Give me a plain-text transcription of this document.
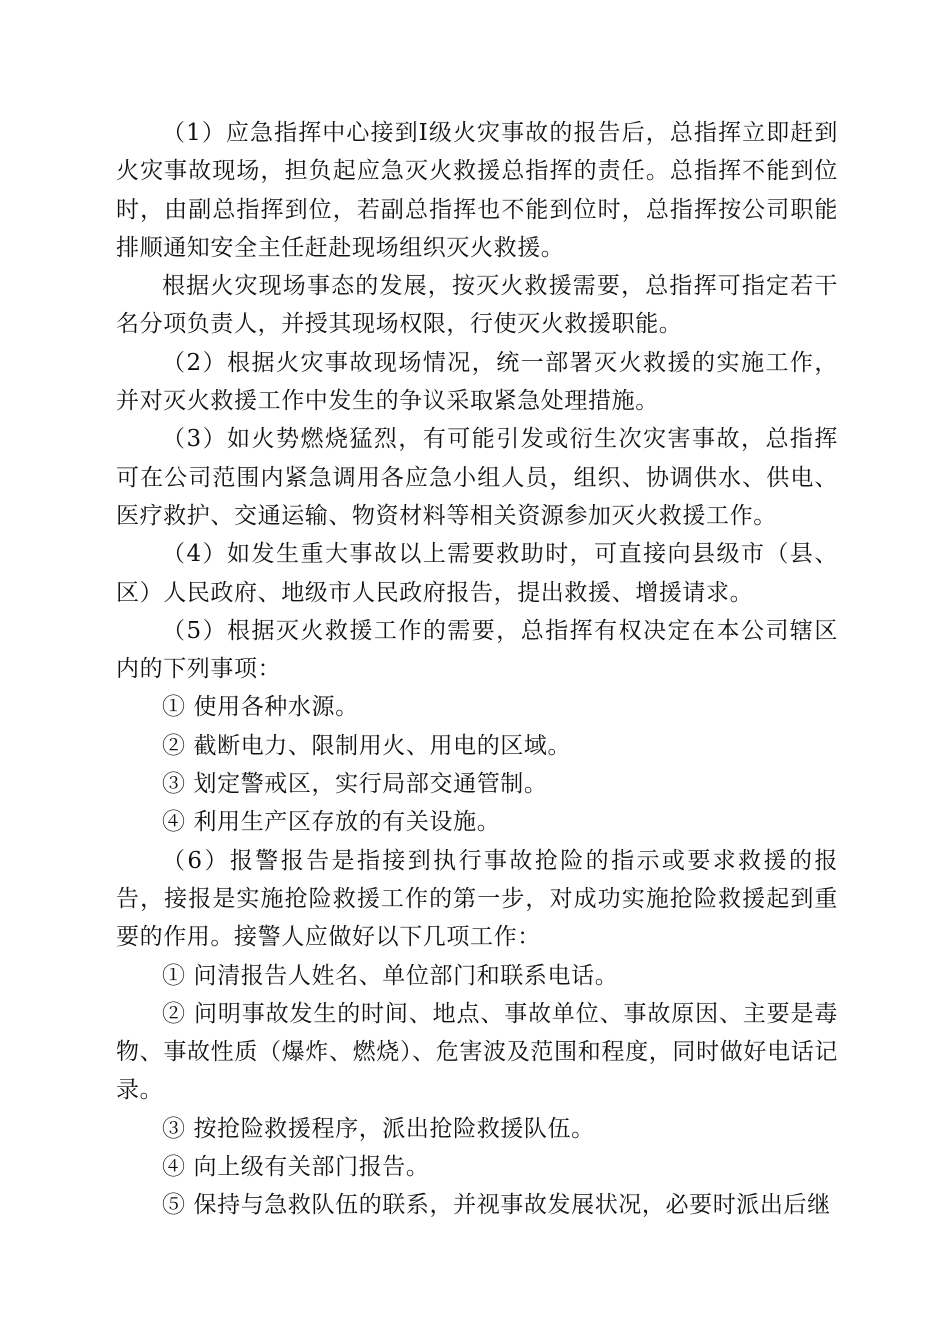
（1）应急指挥中心接到Ⅰ级火灾事故的报告后，总指挥立即赶到火灾事故现场，担负起应急灭火救援总指挥的责任。总指挥不能到位时，由副总指挥到位，若副总指挥也不能到位时，总指挥按公司职能排顺通知安全主任赶赴现场组织灭火救援。

根据火灾现场事态的发展，按灭火救援需要，总指挥可指定若干名分项负责人，并授其现场权限，行使灭火救援职能。

（2）根据火灾事故现场情况，统一部署灭火救援的实施工作，并对灭火救援工作中发生的争议采取紧急处理措施。

（3）如火势燃烧猛烈，有可能引发或衍生次灾害事故，总指挥可在公司范围内紧急调用各应急小组人员，组织、协调供水、供电、医疗救护、交通运输、物资材料等相关资源参加灭火救援工作。

（4）如发生重大事故以上需要救助时，可直接向县级市（县、区）人民政府、地级市人民政府报告，提出救援、增援请求。

（5）根据灭火救援工作的需要，总指挥有权决定在本公司辖区内的下列事项：

① 使用各种水源。

② 截断电力、限制用火、用电的区域。

③ 划定警戒区，实行局部交通管制。

④ 利用生产区存放的有关设施。

（6）报警报告是指接到执行事故抢险的指示或要求救援的报告，接报是实施抢险救援工作的第一步，对成功实施抢险救援起到重要的作用。接警人应做好以下几项工作：

① 问清报告人姓名、单位部门和联系电话。

② 问明事故发生的时间、地点、事故单位、事故原因、主要是毒物、事故性质（爆炸、燃烧）、危害波及范围和程度，同时做好电话记录。

③ 按抢险救援程序，派出抢险救援队伍。

④ 向上级有关部门报告。

⑤ 保持与急救队伍的联系，并视事故发展状况，必要时派出后继
